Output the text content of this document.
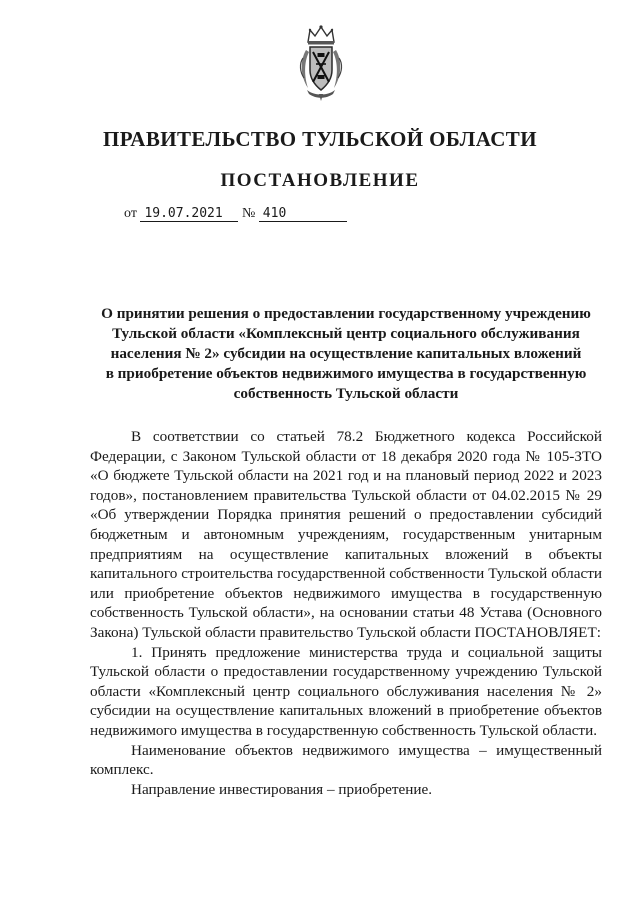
ПРАВИТЕЛЬСТВО ТУЛЬСКОЙ ОБЛАСТИ
ПОСТАНОВЛЕНИЕ
от 19.07.2021 № 410

О принятии решения о предоставлении государственному учреждению
Тульской области «Комплексный центр социального обслуживания
населения № 2» субсидии на осуществление капитальных вложений
в приобретение объектов недвижимого имущества в государственную
собственность Тульской области

В соответствии со статьей 78.2 Бюджетного кодекса Российской Федерации, с Законом Тульской области от 18 декабря 2020 года № 105-ЗТО «О бюджете Тульской области на 2021 год и на плановый период 2022 и 2023 годов», постановлением правительства Тульской области от 04.02.2015 № 29 «Об утверждении Порядка принятия решений о предоставлении субсидий бюджетным и автономным учреждениям, государственным унитарным предприятиям на осуществление капитальных вложений в объекты капитального строительства государственной собственности Тульской области или приобретение объектов недвижимого имущества в государственную собственность Тульской области», на основании статьи 48 Устава (Основного Закона) Тульской области правительство Тульской области ПОСТАНОВЛЯЕТ:

1. Принять предложение министерства труда и социальной защиты Тульской области о предоставлении государственному учреждению Тульской области «Комплексный центр социального обслуживания населения № 2» субсидии на осуществление капитальных вложений в приобретение объектов недвижимого имущества в государственную собственность Тульской области.

Наименование объектов недвижимого имущества – имущественный комплекс.

Направление инвестирования – приобретение.
